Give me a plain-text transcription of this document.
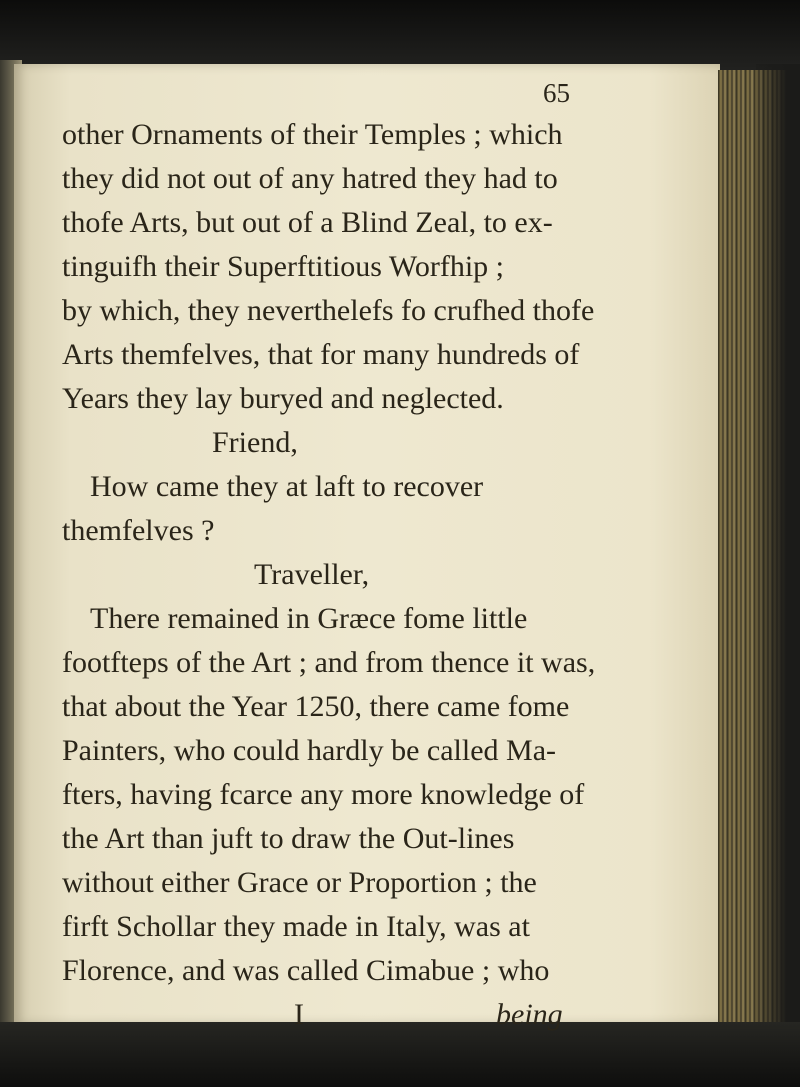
65
other Ornaments of their Temples ; which
they did not out of any hatred they had to
thofe Arts, but out of a Blind Zeal, to ex-
tinguifh their Superftitious Worfhip ;
by which, they neverthelefs fo crufhed thofe
Arts themfelves, that for many hundreds of
Years they lay buryed and neglected.
Friend,
How came they at laft to recover
themfelves ?
Traveller,
There remained in Græce fome little
footfteps of the Art ; and from thence it was,
that about the Year 1250, there came fome
Painters, who could hardly be called Ma-
fters, having fcarce any more knowledge of
the Art than juft to draw the Out-lines
without either Grace or Proportion ; the
firft Schollar they made in Italy, was at
Florence, and was called Cimabue ; who
I	being
